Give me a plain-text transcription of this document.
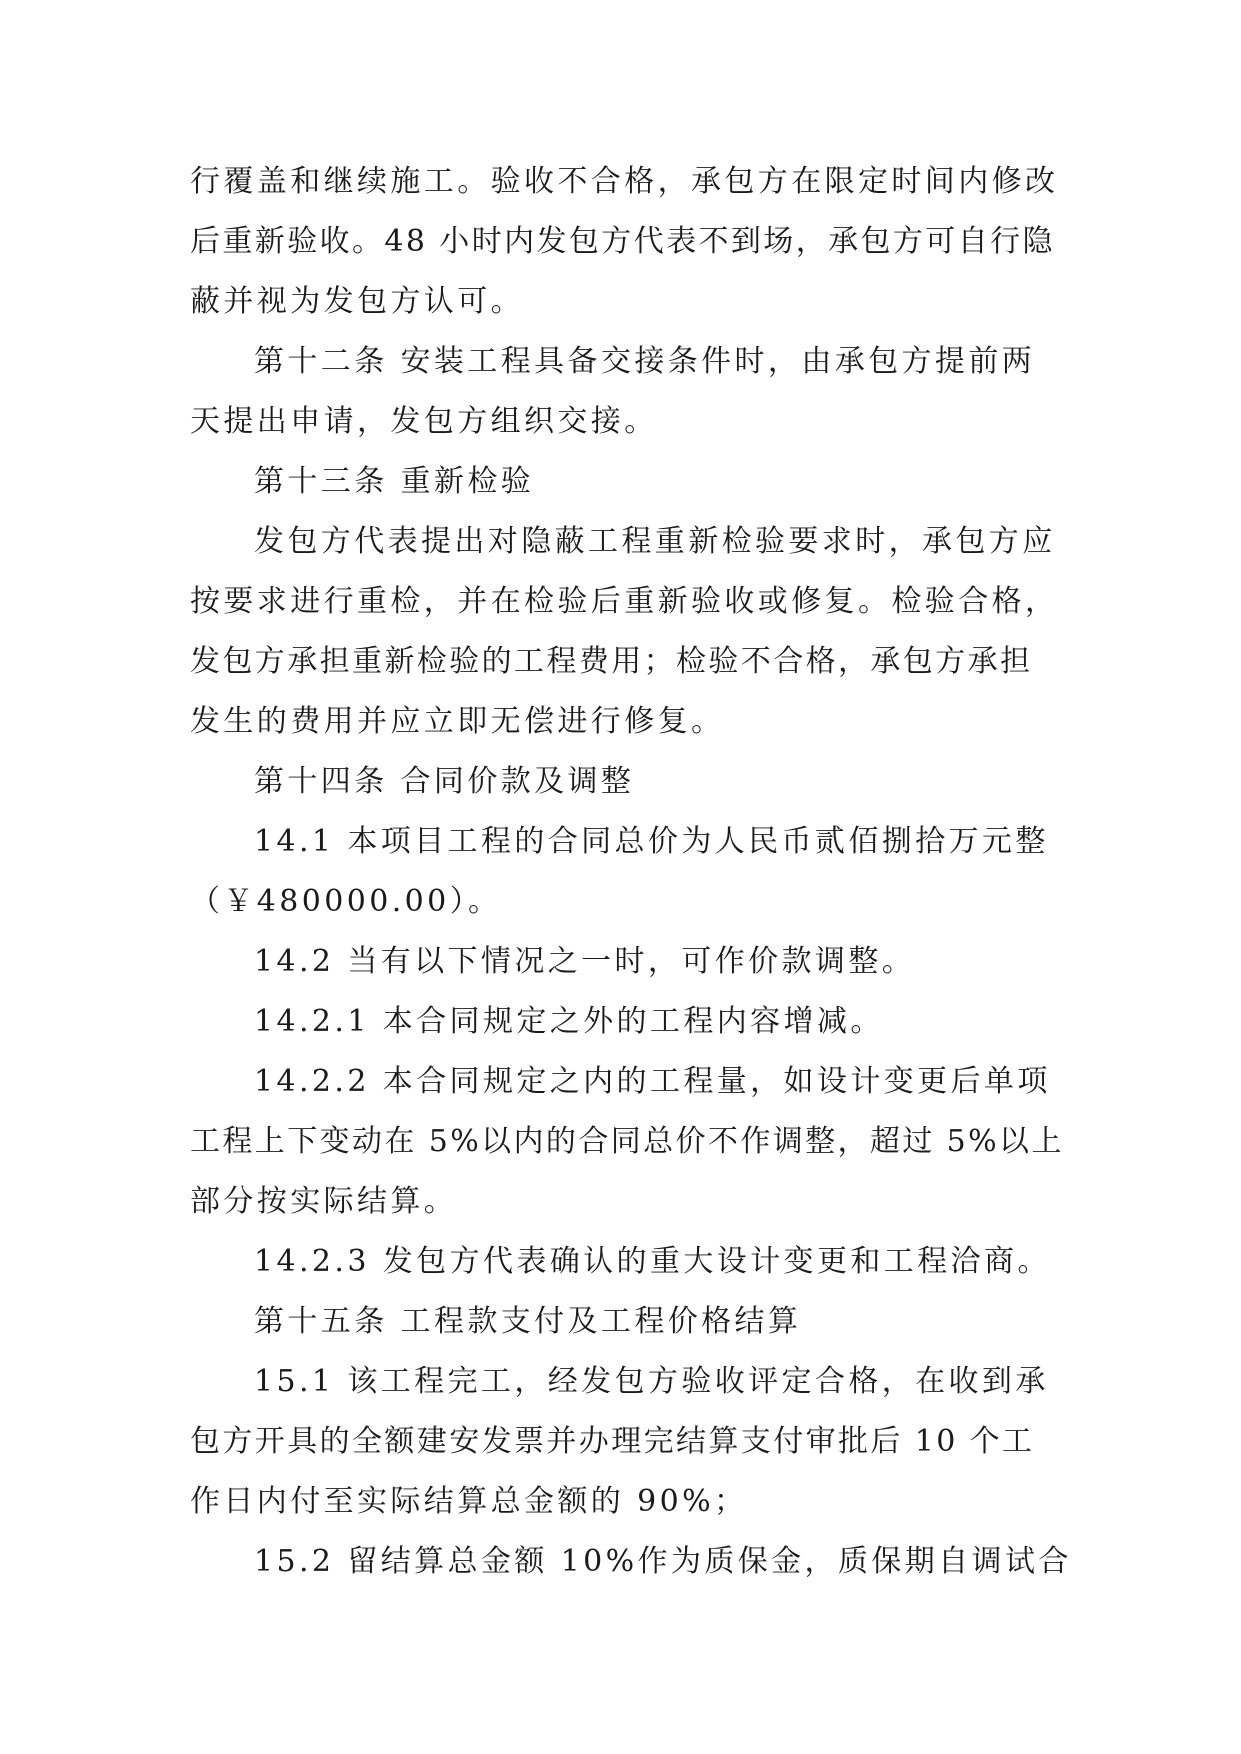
行覆盖和继续施工。验收不合格，承包方在限定时间内修改
后重新验收。48 小时内发包方代表不到场，承包方可自行隐
蔽并视为发包方认可。
第十二条 安装工程具备交接条件时，由承包方提前两
天提出申请，发包方组织交接。
第十三条 重新检验
发包方代表提出对隐蔽工程重新检验要求时，承包方应
按要求进行重检，并在检验后重新验收或修复。检验合格，
发包方承担重新检验的工程费用；检验不合格，承包方承担
发生的费用并应立即无偿进行修复。
第十四条 合同价款及调整
14.1 本项目工程的合同总价为人民币贰佰捌拾万元整
（￥480000.00）。
14.2 当有以下情况之一时，可作价款调整。
14.2.1 本合同规定之外的工程内容增减。
14.2.2 本合同规定之内的工程量，如设计变更后单项
工程上下变动在 5%以内的合同总价不作调整，超过 5%以上
部分按实际结算。
14.2.3 发包方代表确认的重大设计变更和工程洽商。
第十五条 工程款支付及工程价格结算
15.1 该工程完工，经发包方验收评定合格，在收到承
包方开具的全额建安发票并办理完结算支付审批后 10 个工
作日内付至实际结算总金额的 90%；
15.2 留结算总金额 10%作为质保金，质保期自调试合
